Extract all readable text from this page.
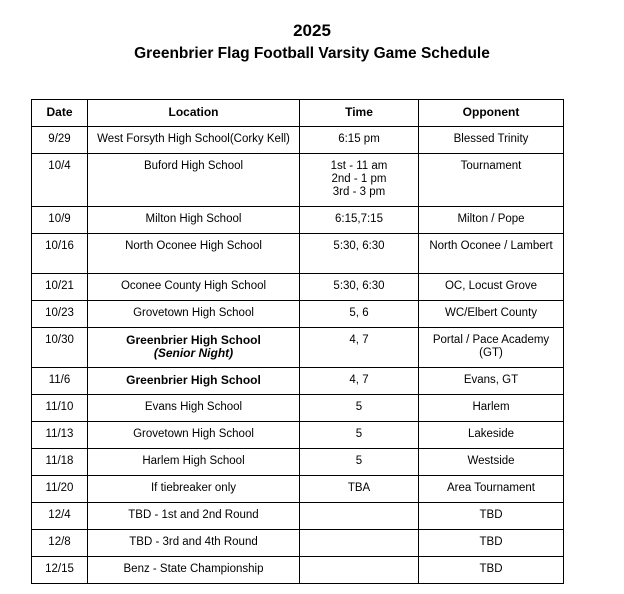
2025
Greenbrier Flag Football Varsity Game Schedule
Date	Location	Time	Opponent
9/29	West Forsyth High School(Corky Kell)	6:15 pm	Blessed Trinity
10/4	Buford High School	1st - 11 am
2nd - 1 pm
3rd - 3 pm	Tournament
10/9	Milton High School	6:15,7:15	Milton / Pope
10/16	North Oconee High School	5:30, 6:30	North Oconee / Lambert
10/21	Oconee County High School	5:30, 6:30	OC, Locust Grove
10/23	Grovetown High School	5, 6	WC/Elbert County
10/30	Greenbrier High School
(Senior Night)	4, 7	Portal / Pace Academy (GT)
11/6	Greenbrier High School	4, 7	Evans, GT
11/10	Evans High School	5	Harlem
11/13	Grovetown High School	5	Lakeside
11/18	Harlem High School	5	Westside
11/20	If tiebreaker only	TBA	Area Tournament
12/4	TBD - 1st and 2nd Round		TBD
12/8	TBD - 3rd and 4th Round		TBD
12/15	Benz - State Championship		TBD
